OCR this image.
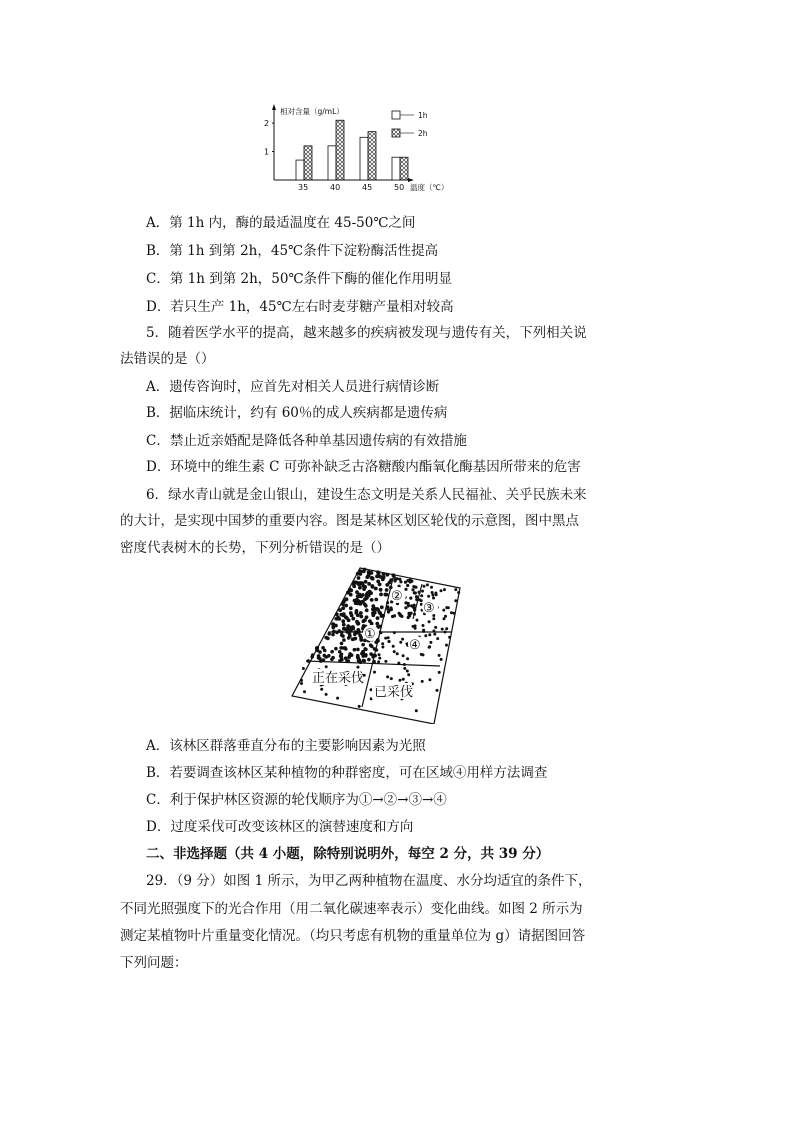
相对含量（g/mL）
温度（℃）
1h
2h
35	40	45	50
1
2
A．第 1h 内，酶的最适温度在 45-50℃之间
B．第 1h 到第 2h，45℃条件下淀粉酶活性提高
C．第 1h 到第 2h，50℃条件下酶的催化作用明显
D．若只生产 1h，45℃左右时麦芽糖产量相对较高
5．随着医学水平的提高，越来越多的疾病被发现与遗传有关，下列相关说
法错误的是（）
A．遗传咨询时，应首先对相关人员进行病情诊断
B．据临床统计，约有 60％的成人疾病都是遗传病
C．禁止近亲婚配是降低各种单基因遗传病的有效措施
D．环境中的维生素 C 可弥补缺乏古洛糖酸内酯氧化酶基因所带来的危害
6．绿水青山就是金山银山，建设生态文明是关系人民福祉、关乎民族未来
的大计，是实现中国梦的重要内容。图是某林区划区轮伐的示意图，图中黑点
密度代表树木的长势，下列分析错误的是（）
①
②
③
④
正在采伐
已采伐
A．该林区群落垂直分布的主要影响因素为光照
B．若要调查该林区某种植物的种群密度，可在区域④用样方法调查
C．利于保护林区资源的轮伐顺序为①→②→③→④
D．过度采伐可改变该林区的演替速度和方向
二、非选择题（共 4 小题，除特别说明外，每空 2 分，共 39 分）
29．（9 分）如图 1 所示，为甲乙两种植物在温度、水分均适宜的条件下，
不同光照强度下的光合作用（用二氧化碳速率表示）变化曲线。如图 2 所示为
测定某植物叶片重量变化情况。（均只考虑有机物的重量单位为 g）请据图回答
下列问题：
